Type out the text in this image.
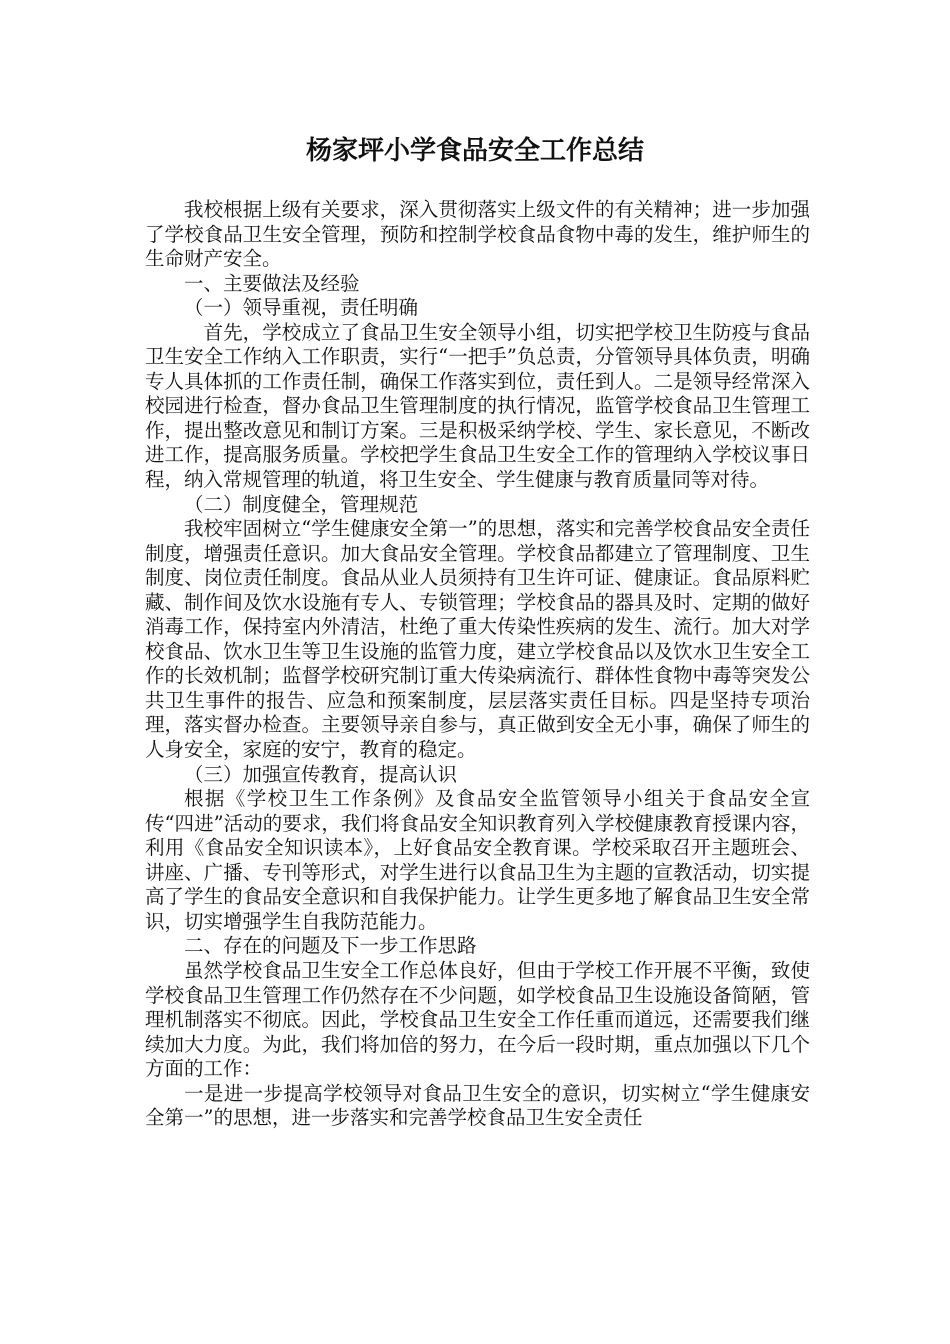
杨家坪小学食品安全工作总结

我校根据上级有关要求，深入贯彻落实上级文件的有关精神；进一步加强了学校食品卫生安全管理，预防和控制学校食品食物中毒的发生，维护师生的生命财产安全。

一、主要做法及经验

（一）领导重视，责任明确

首先，学校成立了食品卫生安全领导小组，切实把学校卫生防疫与食品卫生安全工作纳入工作职责，实行“一把手”负总责，分管领导具体负责，明确专人具体抓的工作责任制，确保工作落实到位，责任到人。二是领导经常深入校园进行检查，督办食品卫生管理制度的执行情况，监管学校食品卫生管理工作，提出整改意见和制订方案。三是积极采纳学校、学生、家长意见，不断改进工作，提高服务质量。学校把学生食品卫生安全工作的管理纳入学校议事日程，纳入常规管理的轨道，将卫生安全、学生健康与教育质量同等对待。

（二）制度健全，管理规范

我校牢固树立“学生健康安全第一”的思想，落实和完善学校食品安全责任制度，增强责任意识。加大食品安全管理。学校食品都建立了管理制度、卫生制度、岗位责任制度。食品从业人员须持有卫生许可证、健康证。食品原料贮藏、制作间及饮水设施有专人、专锁管理；学校食品的器具及时、定期的做好消毒工作，保持室内外清洁，杜绝了重大传染性疾病的发生、流行。加大对学校食品、饮水卫生等卫生设施的监管力度，建立学校食品以及饮水卫生安全工作的长效机制；监督学校研究制订重大传染病流行、群体性食物中毒等突发公共卫生事件的报告、应急和预案制度，层层落实责任目标。四是坚持专项治理，落实督办检查。主要领导亲自参与，真正做到安全无小事，确保了师生的人身安全，家庭的安宁，教育的稳定。

（三）加强宣传教育，提高认识

根据《学校卫生工作条例》及食品安全监管领导小组关于食品安全宣传“四进”活动的要求，我们将食品安全知识教育列入学校健康教育授课内容，利用《食品安全知识读本》，上好食品安全教育课。学校采取召开主题班会、讲座、广播、专刊等形式，对学生进行以食品卫生为主题的宣教活动，切实提高了学生的食品安全意识和自我保护能力。让学生更多地了解食品卫生安全常识，切实增强学生自我防范能力。

二、存在的问题及下一步工作思路

虽然学校食品卫生安全工作总体良好，但由于学校工作开展不平衡，致使学校食品卫生管理工作仍然存在不少问题，如学校食品卫生设施设备简陋，管理机制落实不彻底。因此，学校食品卫生安全工作任重而道远，还需要我们继续加大力度。为此，我们将加倍的努力，在今后一段时期，重点加强以下几个方面的工作：

一是进一步提高学校领导对食品卫生安全的意识，切实树立“学生健康安全第一”的思想，进一步落实和完善学校食品卫生安全责任
